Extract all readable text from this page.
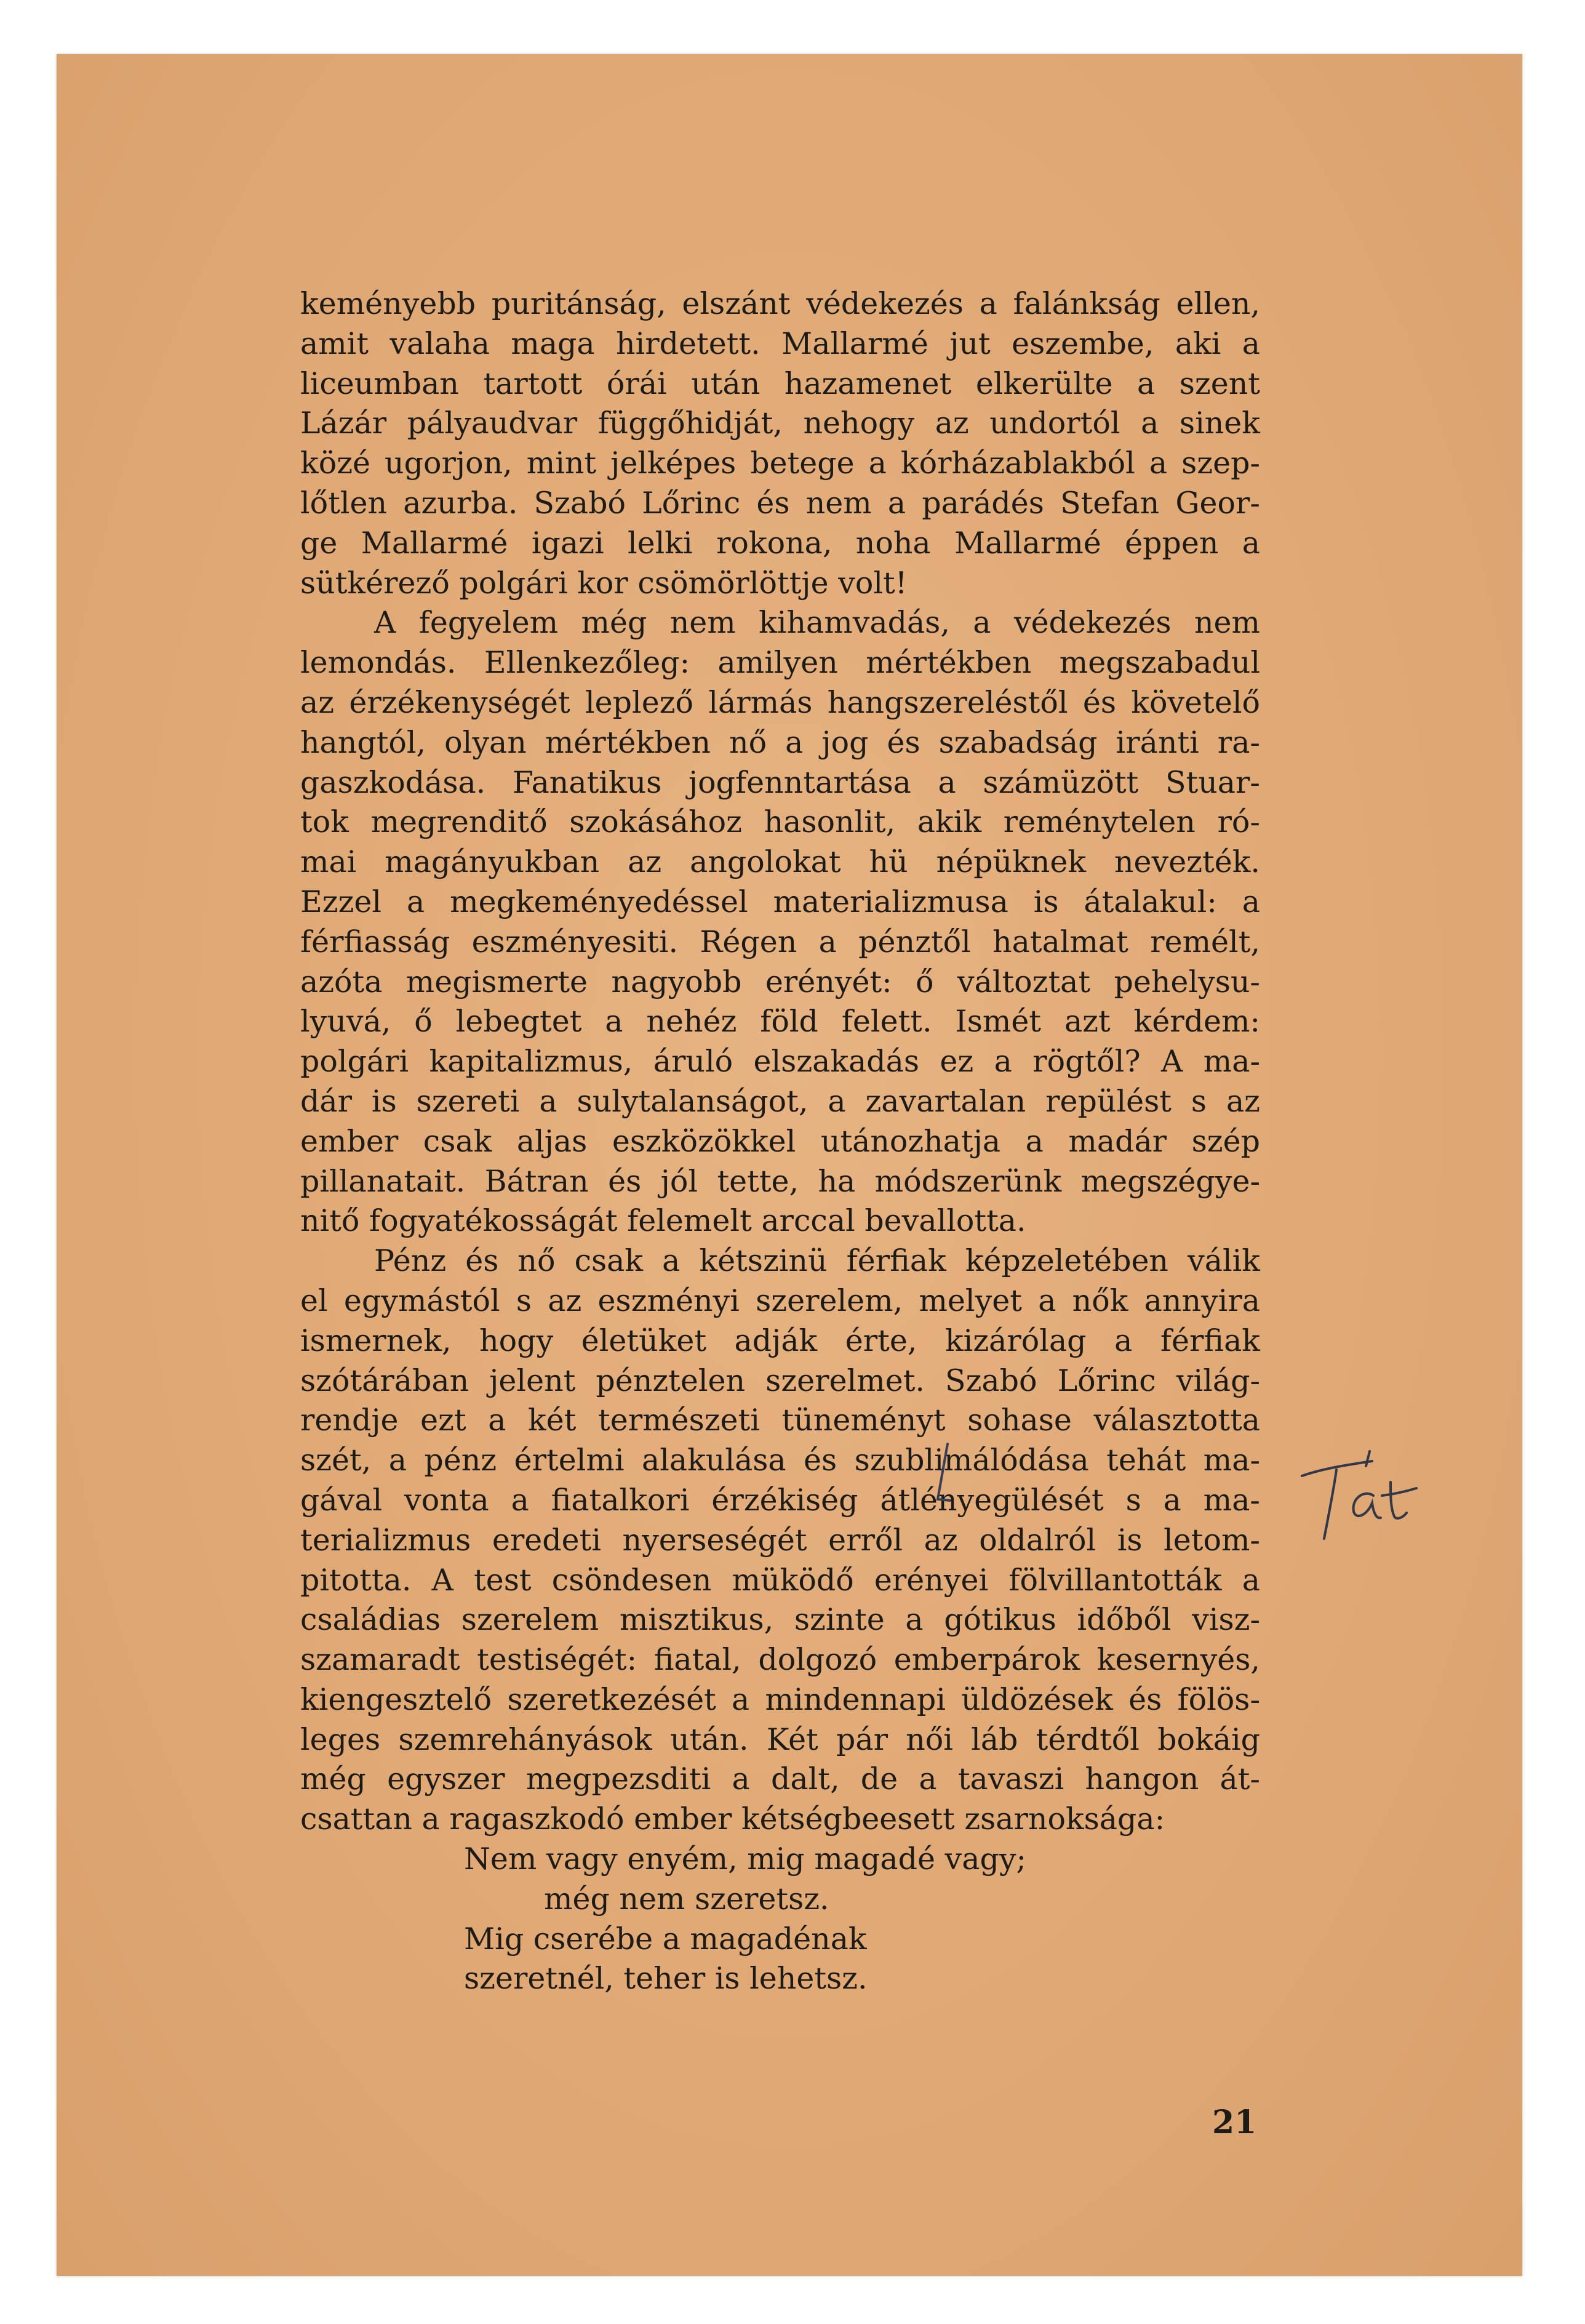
keményebb puritánság, elszánt védekezés a falánkság ellen,
amit valaha maga hirdetett. Mallarmé jut eszembe, aki a
liceumban tartott órái után hazamenet elkerülte a szent
Lázár pályaudvar függőhidját, nehogy az undortól a sinek
közé ugorjon, mint jelképes betege a kórházablakból a szep-
lőtlen azurba. Szabó Lőrinc és nem a parádés Stefan Geor-
ge Mallarmé igazi lelki rokona, noha Mallarmé éppen a
sütkérező polgári kor csömörlöttje volt!
A fegyelem még nem kihamvadás, a védekezés nem
lemondás. Ellenkezőleg: amilyen mértékben megszabadul
az érzékenységét leplező lármás hangszereléstől és követelő
hangtól, olyan mértékben nő a jog és szabadság iránti ra-
gaszkodása. Fanatikus jogfenntartása a számüzött Stuar-
tok megrenditő szokásához hasonlit, akik reménytelen ró-
mai magányukban az angolokat hü népüknek nevezték.
Ezzel a megkeményedéssel materializmusa is átalakul: a
férfiasság eszményesiti. Régen a pénztől hatalmat remélt,
azóta megismerte nagyobb erényét: ő változtat pehelysu-
lyuvá, ő lebegtet a nehéz föld felett. Ismét azt kérdem:
polgári kapitalizmus, áruló elszakadás ez a rögtől? A ma-
dár is szereti a sulytalanságot, a zavartalan repülést s az
ember csak aljas eszközökkel utánozhatja a madár szép
pillanatait. Bátran és jól tette, ha módszerünk megszégye-
nitő fogyatékosságát felemelt arccal bevallotta.
Pénz és nő csak a kétszinü férfiak képzeletében válik
el egymástól s az eszményi szerelem, melyet a nők annyira
ismernek, hogy életüket adják érte, kizárólag a férfiak
szótárában jelent pénztelen szerelmet. Szabó Lőrinc világ-
rendje ezt a két természeti tüneményt sohase választotta
szét, a pénz értelmi alakulása és szublimálódása tehát ma-
gával vonta a fiatalkori érzékiség átlényegülését s a ma-
terializmus eredeti nyerseségét erről az oldalról is letom-
pitotta. A test csöndesen müködő erényei fölvillantották a
családias szerelem misztikus, szinte a gótikus időből visz-
szamaradt testiségét: fiatal, dolgozó emberpárok kesernyés,
kiengesztelő szeretkezését a mindennapi üldözések és fölös-
leges szemrehányások után. Két pár női láb térdtől bokáig
még egyszer megpezsditi a dalt, de a tavaszi hangon át-
csattan a ragaszkodó ember kétségbeesett zsarnoksága:
Nem vagy enyém, mig magadé vagy;
még nem szeretsz.
Mig cserébe a magadénak
szeretnél, teher is lehetsz.
21
